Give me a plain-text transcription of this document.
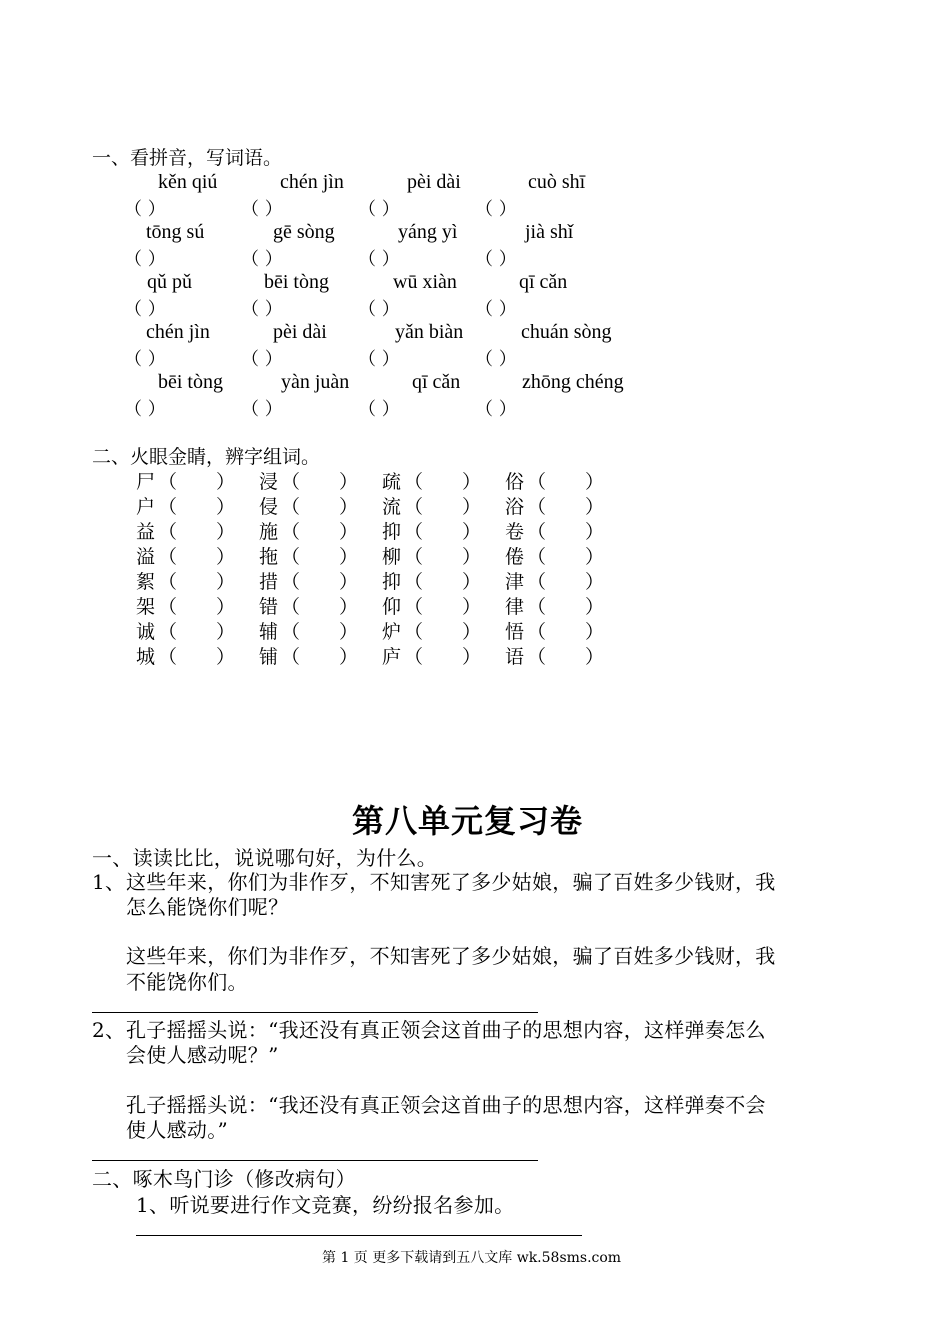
一、看拼音，写词语。
kěn qiú
（ ）
chén jìn
（ ）
pèi dài
（ ）
cuò shī
（ ）
tōng sú
（ ）
gē sòng
（ ）
yáng yì
（ ）
jià shǐ
（ ）
qǔ pǔ
（ ）
bēi tòng
（ ）
wū xiàn
（ ）
qī cǎn
（ ）
chén jìn
（ ）
pèi dài
（ ）
yǎn biàn
（ ）
chuán sòng
（ ）
bēi tòng
（ ）
yàn juàn
（ ）
qī cǎn
（ ）
zhōng chéng
（ ）
二、火眼金睛，辨字组词。
尸 （ ） 浸 （ ） 疏 （ ） 俗 （ ）
户 （ ） 侵 （ ） 流 （ ） 浴 （ ）
益 （ ） 施 （ ） 抑 （ ） 卷 （ ）
溢 （ ） 拖 （ ） 柳 （ ） 倦 （ ）
絮 （ ） 措 （ ） 抑 （ ） 津 （ ）
架 （ ） 错 （ ） 仰 （ ） 律 （ ）
诚 （ ） 辅 （ ） 炉 （ ） 悟 （ ）
城 （ ） 铺 （ ） 庐 （ ） 语 （ ）
第八单元复习卷
一、读读比比，说说哪句好，为什么。
1、 这些年来，你们为非作歹，不知害死了多少姑娘，骗了百姓多少钱财，我
怎么能饶你们呢？
这些年来，你们为非作歹，不知害死了多少姑娘，骗了百姓多少钱财，我
不能饶你们。
2、 孔子摇摇头说：“我还没有真正领会这首曲子的思想内容，这样弹奏怎么
会使人感动呢？”
孔子摇摇头说：“我还没有真正领会这首曲子的思想内容，这样弹奏不会
使人感动。”
二、啄木鸟门诊（修改病句）
1、听说要进行作文竞赛，纷纷报名参加。
第 1 页 更多下载请到五八文库 wk.58sms.com
